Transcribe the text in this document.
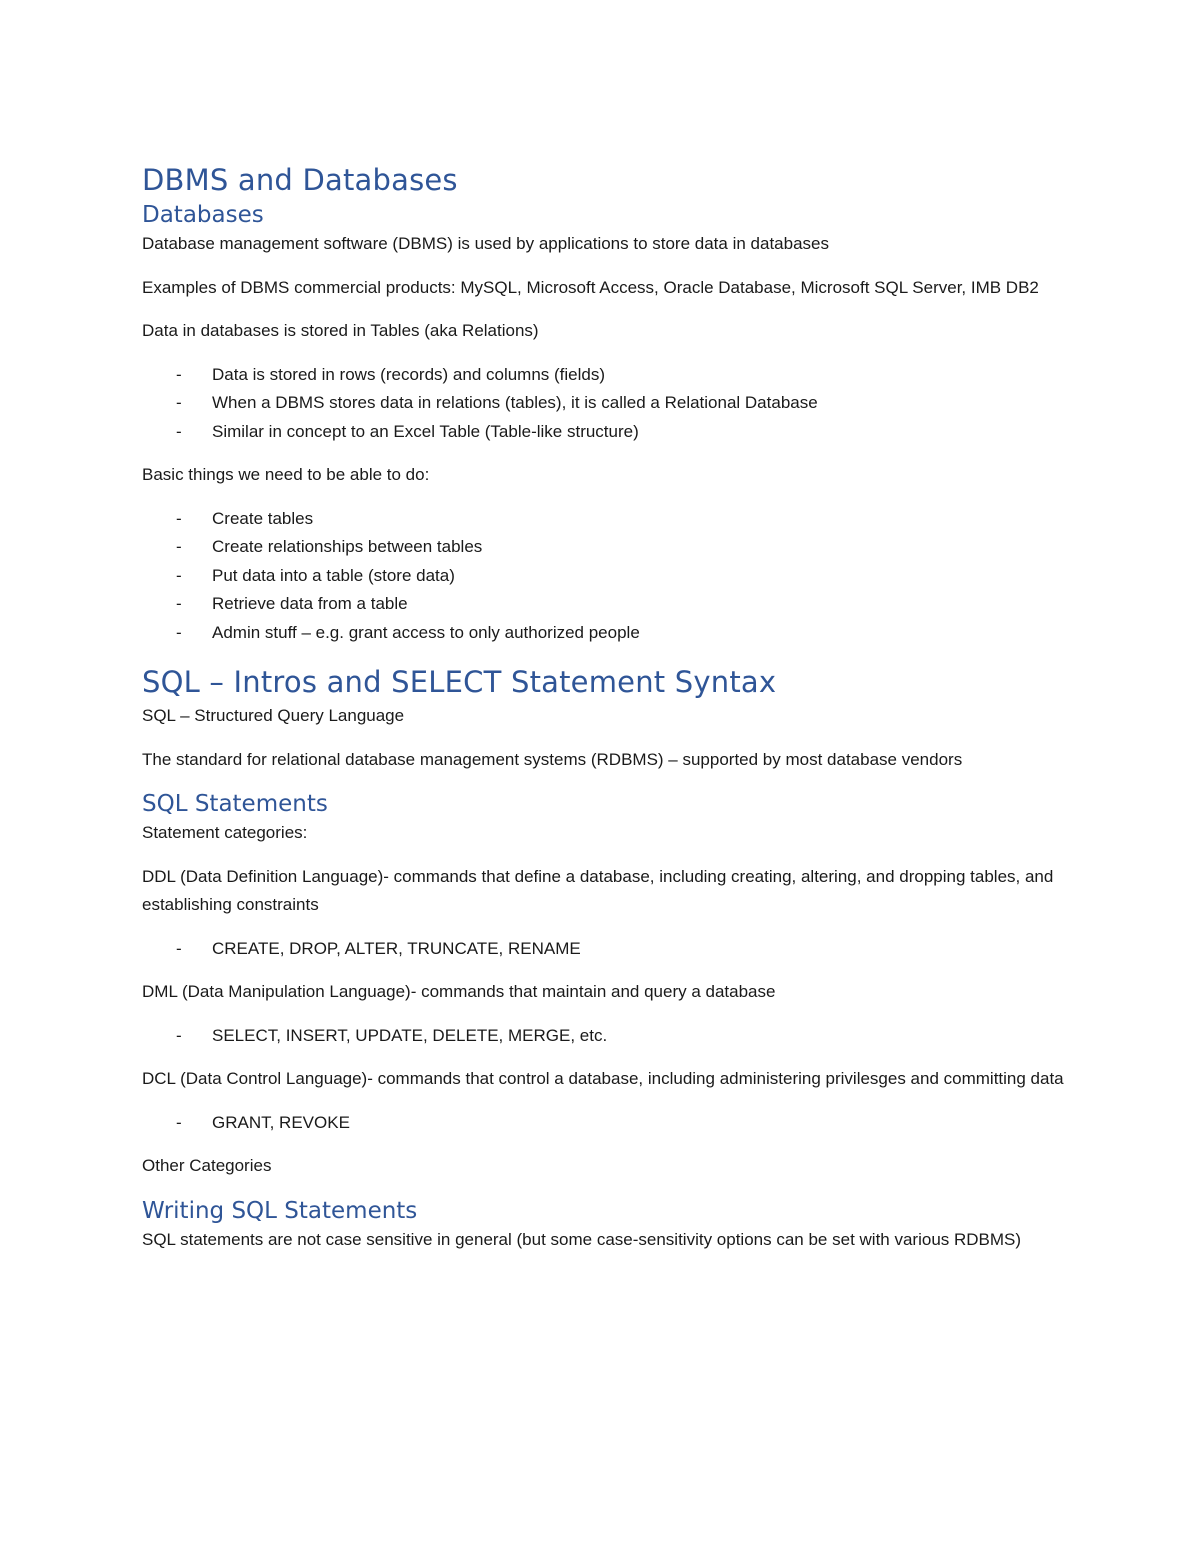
DBMS and Databases
Databases

Database management software (DBMS) is used by applications to store data in databases

Examples of DBMS commercial products: MySQL, Microsoft Access, Oracle Database, Microsoft SQL Server, IMB DB2

Data in databases is stored in Tables (aka Relations)

- Data is stored in rows (records) and columns (fields)
- When a DBMS stores data in relations (tables), it is called a Relational Database
- Similar in concept to an Excel Table (Table-like structure)

Basic things we need to be able to do:

- Create tables
- Create relationships between tables
- Put data into a table (store data)
- Retrieve data from a table
- Admin stuff – e.g. grant access to only authorized people
SQL – Intros and SELECT Statement Syntax

SQL – Structured Query Language

The standard for relational database management systems (RDBMS) – supported by most database vendors

SQL Statements

Statement categories:

DDL (Data Definition Language)- commands that define a database, including creating, altering, and dropping tables, and establishing constraints

- CREATE, DROP, ALTER, TRUNCATE, RENAME

DML (Data Manipulation Language)- commands that maintain and query a database

- SELECT, INSERT, UPDATE, DELETE, MERGE, etc.

DCL (Data Control Language)- commands that control a database, including administering privilesges and committing data

- GRANT, REVOKE

Other Categories

Writing SQL Statements

SQL statements are not case sensitive in general (but some case-sensitivity options can be set with various RDBMS)
